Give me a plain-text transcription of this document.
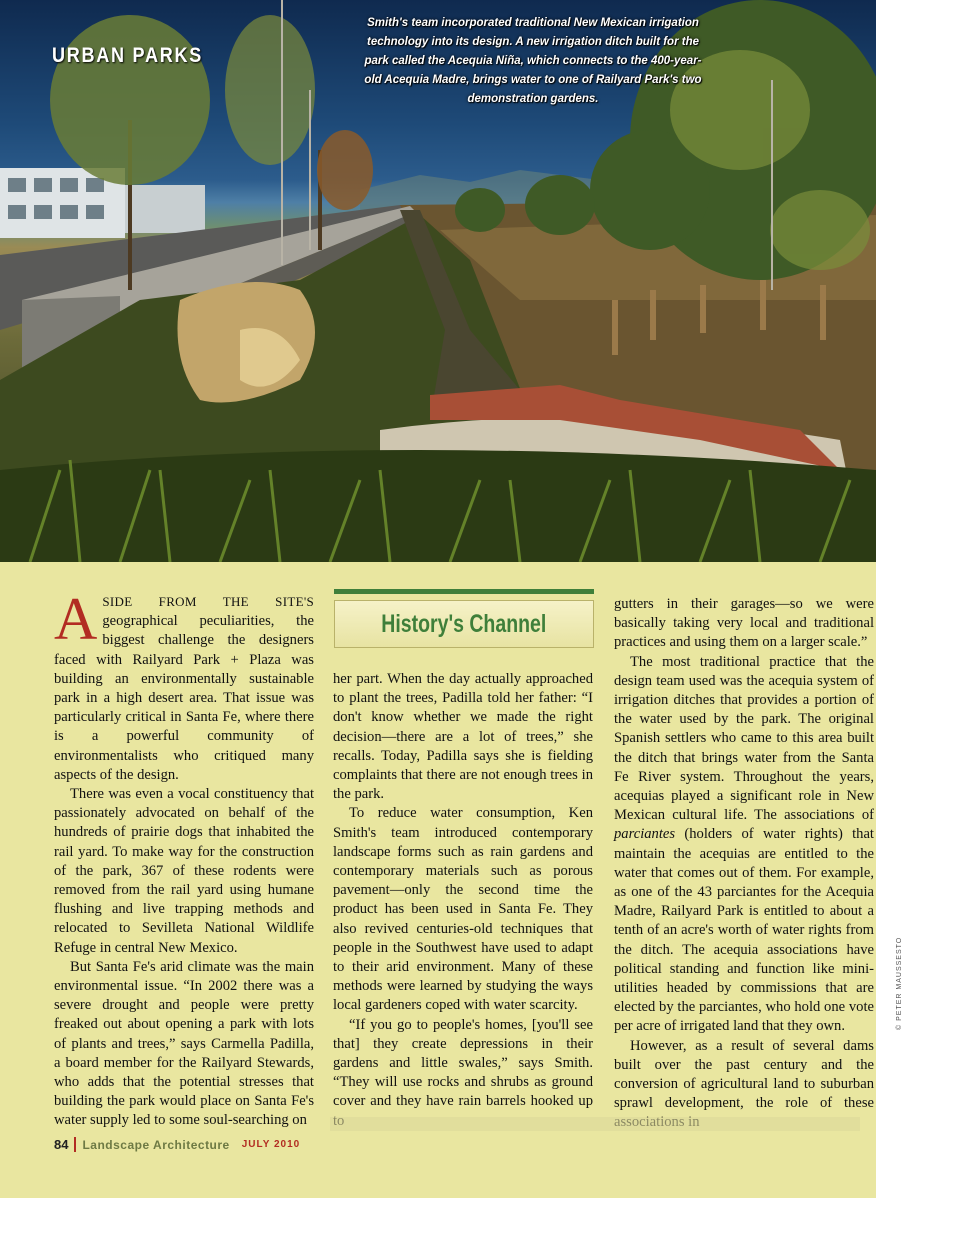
URBAN PARKS
Smith's team incorporated traditional New Mexican irrigation technology into its design. A new irrigation ditch built for the park called the Acequia Niña, which connects to the 400-year-old Acequia Madre, brings water to one of Railyard Park's two demonstration gardens.
History's Channel

ASIDE FROM THE SITE'S geographical peculiarities, the biggest challenge the designers faced with Railyard Park + Plaza was building an environmentally sustainable park in a high desert area. That issue was particularly critical in Santa Fe, where there is a powerful community of environmentalists who critiqued many aspects of the design.

There was even a vocal constituency that passionately advocated on behalf of the hundreds of prairie dogs that inhabited the rail yard. To make way for the construction of the park, 367 of these rodents were removed from the rail yard using humane flushing and live trapping methods and relocated to Sevilleta National Wildlife Refuge in central New Mexico.

But Santa Fe's arid climate was the main environmental issue. “In 2002 there was a severe drought and people were pretty freaked out about opening a park with lots of plants and trees,” says Carmella Padilla, a board member for the Railyard Stewards, who adds that the potential stresses that building the park would place on Santa Fe's water supply led to some soul-searching on

her part. When the day actually approached to plant the trees, Padilla told her father: “I don't know whether we made the right decision—there are a lot of trees,” she recalls. Today, Padilla says she is fielding complaints that there are not enough trees in the park.

To reduce water consumption, Ken Smith's team introduced contemporary landscape forms such as rain gardens and contemporary materials such as porous pavement—only the second time the product has been used in Santa Fe. They also revived centuries-old techniques that people in the Southwest have used to adapt to their arid environment. Many of these methods were learned by studying the ways local gardeners coped with water scarcity.

“If you go to people's homes, [you'll see that] they create depressions in their gardens and little swales,” says Smith. “They will use rocks and shrubs as ground cover and they have rain barrels hooked up

gutters in their garages—so we were basically taking very local and traditional practices and using them on a larger scale.”

The most traditional practice that the design team used was the acequia system of irrigation ditches that provides a portion of the water used by the park. The original Spanish settlers who came to this area built the ditch that brings water from the Santa Fe River system. Throughout the years, acequias played a significant role in New Mexican cultural life. The associations of parciantes (holders of water rights) that maintain the acequias are entitled to the water that comes out of them. For example, as one of the 43 parciantes for the Acequia Madre, Railyard Park is entitled to about a tenth of an acre's worth of water rights from the ditch. The acequia associations have political standing and function like mini-utilities headed by commissions that are elected by the parciantes, who hold one vote per acre of irrigated land that they own.

However, as a result of several dams built over the past century and the conversion of agricultural land to suburban sprawl development, the role of these

84 Landscape Architecture JULY 2010
© PETER MAUSSESTO
